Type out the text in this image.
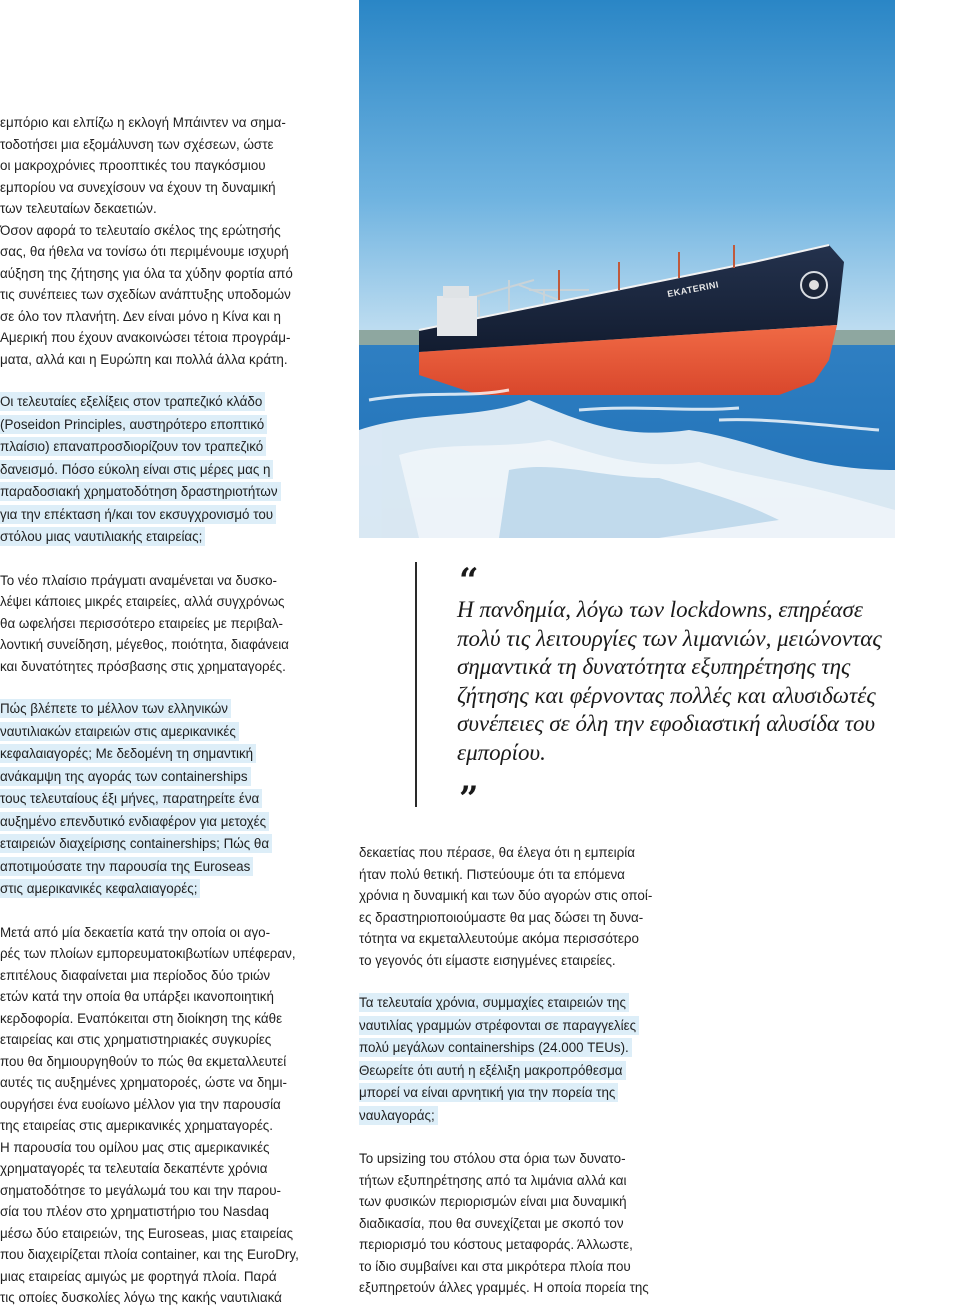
εμπόριο και ελπίζω η εκλογή Μπάιντεν να σημα-
τοδοτήσει μια εξομάλυνση των σχέσεων, ώστε
οι μακροχρόνιες προοπτικές του παγκόσμιου
εμπορίου να συνεχίσουν να έχουν τη δυναμική
των τελευταίων δεκαετιών.
Όσον αφορά το τελευταίο σκέλος της ερώτησής
σας, θα ήθελα να τονίσω ότι περιμένουμε ισχυρή
αύξηση της ζήτησης για όλα τα χύδην φορτία από
τις συνέπειες των σχεδίων ανάπτυξης υποδομών
σε όλο τον πλανήτη. Δεν είναι μόνο η Κίνα και η
Αμερική που έχουν ανακοινώσει τέτοια προγράμ-
ματα, αλλά και η Ευρώπη και πολλά άλλα κράτη.
Οι τελευταίες εξελίξεις στον τραπεζικό κλάδο
(Poseidon Principles, αυστηρότερο εποπτικό
πλαίσιο) επαναπροσδιορίζουν τον τραπεζικό
δανεισμό. Πόσο εύκολη είναι στις μέρες μας η
παραδοσιακή χρηματοδότηση δραστηριοτήτων
για την επέκταση ή/και τον εκσυγχρονισμό του
στόλου μιας ναυτιλιακής εταιρείας;
Το νέο πλαίσιο πράγματι αναμένεται να δυσκο-
λέψει κάποιες μικρές εταιρείες, αλλά συγχρόνως
θα ωφελήσει περισσότερο εταιρείες με περιβαλ-
λοντική συνείδηση, μέγεθος, ποιότητα, διαφάνεια
και δυνατότητες πρόσβασης στις χρηματαγορές.
Πώς βλέπετε το μέλλον των ελληνικών
ναυτιλιακών εταιρειών στις αμερικανικές
κεφαλαιαγορές; Με δεδομένη τη σημαντική
ανάκαμψη της αγοράς των containerships
τους τελευταίους έξι μήνες, παρατηρείτε ένα
αυξημένο επενδυτικό ενδιαφέρον για μετοχές
εταιρειών διαχείρισης containerships; Πώς θα
αποτιμούσατε την παρουσία της Euroseas
στις αμερικανικές κεφαλαιαγορές;
Μετά από μία δεκαετία κατά την οποία οι αγο-
ρές των πλοίων εμπορευματοκιβωτίων υπέφεραν,
επιτέλους διαφαίνεται μια περίοδος δύο τριών
ετών κατά την οποία θα υπάρξει ικανοποιητική
κερδοφορία. Εναπόκειται στη διοίκηση της κάθε
εταιρείας και στις χρηματιστηριακές συγκυρίες
που θα δημιουργηθούν το πώς θα εκμεταλλευτεί
αυτές τις αυξημένες χρηματοροές, ώστε να δημι-
ουργήσει ένα ευοίωνο μέλλον για την παρουσία
της εταιρείας στις αμερικανικές χρηματαγορές.
Η παρουσία του ομίλου μας στις αμερικανικές
χρηματαγορές τα τελευταία δεκαπέντε χρόνια
σηματοδότησε το μεγάλωμά του και την παρου-
σία του πλέον στο χρηματιστήριο του Nasdaq
μέσω δύο εταιρειών, της Euroseas, μιας εταιρείας
που διαχειρίζεται πλοία container, και της EuroDry,
μιας εταιρείας αμιγώς με φορτηγά πλοία. Παρά
τις οποίες δυσκολίες λόγω της κακής ναυτιλιακά
EKATERINI
“
Η πανδημία, λόγω των lockdowns, επηρέασε πολύ τις λειτουργίες των λιμανιών, μειώνοντας σημαντικά τη δυνατότητα εξυπηρέτησης της ζήτησης και φέρνοντας πολλές και αλυσιδωτές συνέπειες σε όλη την εφοδιαστική αλυσίδα του εμπορίου.
”
δεκαετίας που πέρασε, θα έλεγα ότι η εμπειρία
ήταν πολύ θετική. Πιστεύουμε ότι τα επόμενα
χρόνια η δυναμική και των δύο αγορών στις οποί-
ες δραστηριοποιούμαστε θα μας δώσει τη δυνα-
τότητα να εκμεταλλευτούμε ακόμα περισσότερο
το γεγονός ότι είμαστε εισηγμένες εταιρείες.
Τα τελευταία χρόνια, συμμαχίες εταιρειών της
ναυτιλίας γραμμών στρέφονται σε παραγγελίες
πολύ μεγάλων containerships (24.000 TEUs).
Θεωρείτε ότι αυτή η εξέλιξη μακροπρόθεσμα
μπορεί να είναι αρνητική για την πορεία της
ναυλαγοράς;
Το upsizing του στόλου στα όρια των δυνατο-
τήτων εξυπηρέτησης από τα λιμάνια αλλά και
των φυσικών περιορισμών είναι μια δυναμική
διαδικασία, που θα συνεχίζεται με σκοπό τον
περιορισμό του κόστους μεταφοράς. Άλλωστε,
το ίδιο συμβαίνει και στα μικρότερα πλοία που
εξυπηρετούν άλλες γραμμές. Η οποία πορεία της
